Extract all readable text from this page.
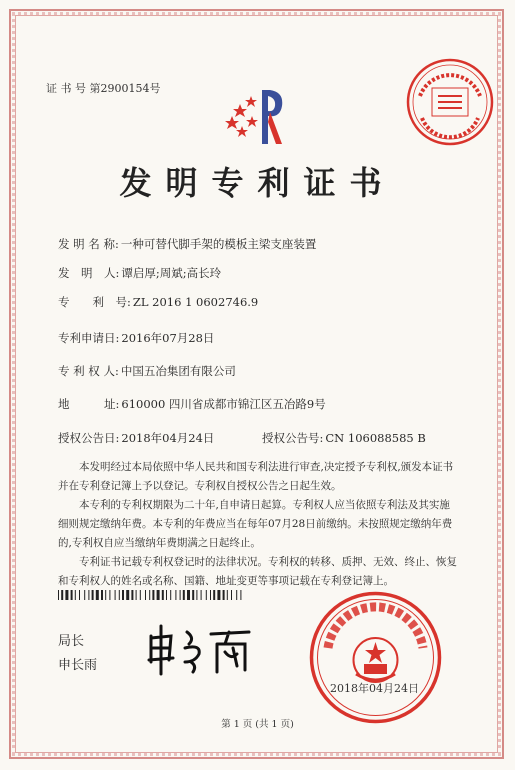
证 书 号 第2900154号
发明专利证书
发 明 名 称: 一种可替代脚手架的模板主梁支座装置
发　明　人: 谭启厚;周斌;高长玲
专　　利　号: ZL 2016 1 0602746.9
专利申请日: 2016年07月28日
专 利 权 人: 中国五冶集团有限公司
地　　　址: 610000 四川省成都市锦江区五冶路9号
授权公告日: 2018年04月24日	授权公告号: CN 106088585 B

本发明经过本局依照中华人民共和国专利法进行审查,决定授予专利权,颁发本证书并在专利登记簿上予以登记。专利权自授权公告之日起生效。

本专利的专利权期限为二十年,自申请日起算。专利权人应当依照专利法及其实施细则规定缴纳年费。本专利的年费应当在每年07月28日前缴纳。未按照规定缴纳年费的,专利权自应当缴纳年费期满之日起终止。

专利证书记载专利权登记时的法律状况。专利权的转移、质押、无效、终止、恢复和专利权人的姓名或名称、国籍、地址变更等事项记载在专利登记簿上。

局长
申长雨
2018年04月24日
第 1 页 (共 1 页)
